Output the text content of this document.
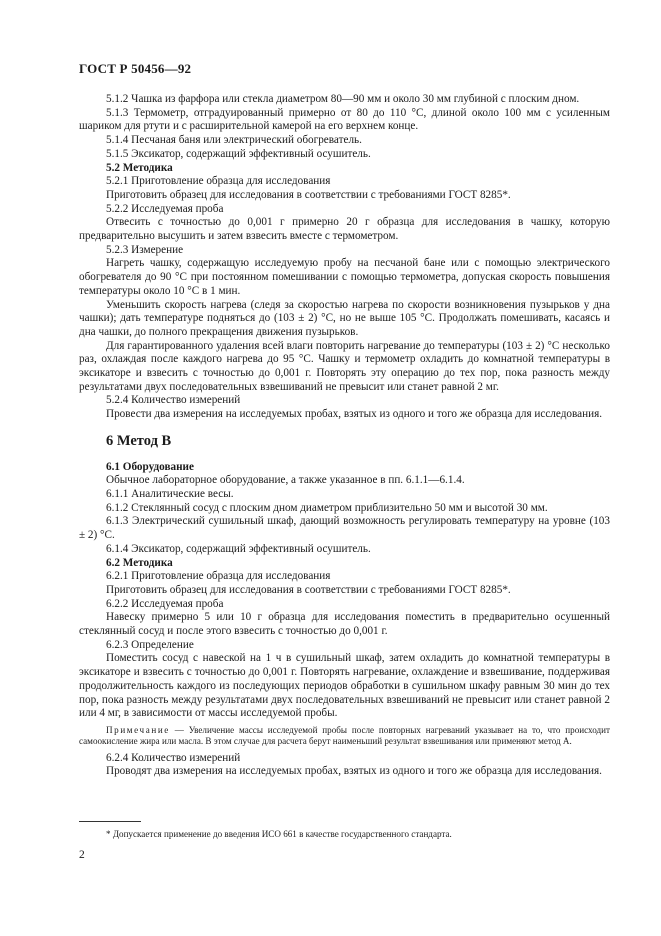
ГОСТ Р 50456—92

5.1.2 Чашка из фарфора или стекла диаметром 80—90 мм и около 30 мм глубиной с плоским дном.

5.1.3 Термометр, отградуированный примерно от 80 до 110 °С, длиной около 100 мм с усиленным шариком для ртути и с расширительной камерой на его верхнем конце.

5.1.4 Песчаная баня или электрический обогреватель.

5.1.5 Эксикатор, содержащий эффективный осушитель.

5.2 Методика

5.2.1 Приготовление образца для исследования

Приготовить образец для исследования в соответствии с требованиями ГОСТ 8285*.

5.2.2 Исследуемая проба

Отвесить с точностью до 0,001 г примерно 20 г образца для исследования в чашку, которую предварительно высушить и затем взвесить вместе с термометром.

5.2.3 Измерение

Нагреть чашку, содержащую исследуемую пробу на песчаной бане или с помощью электрического обогревателя до 90 °С при постоянном помешивании с помощью термометра, допуская скорость повышения температуры около 10 °С в 1 мин.

Уменьшить скорость нагрева (следя за скоростью нагрева по скорости возникновения пузырьков у дна чашки); дать температуре подняться до (103 ± 2) °С, но не выше 105 °С. Продолжать помешивать, касаясь и дна чашки, до полного прекращения движения пузырьков.

Для гарантированного удаления всей влаги повторить нагревание до температуры (103 ± 2) °С несколько раз, охлаждая после каждого нагрева до 95 °С. Чашку и термометр охладить до комнатной температуры в эксикаторе и взвесить с точностью до 0,001 г. Повторять эту операцию до тех пор, пока разность между результатами двух последовательных взвешиваний не превысит или станет равной 2 мг.

5.2.4 Количество измерений

Провести два измерения на исследуемых пробах, взятых из одного и того же образца для исследования.

6 Метод В

6.1 Оборудование

Обычное лабораторное оборудование, а также указанное в пп. 6.1.1—6.1.4.

6.1.1 Аналитические весы.

6.1.2 Стеклянный сосуд с плоским дном диаметром приблизительно 50 мм и высотой 30 мм.

6.1.3 Электрический сушильный шкаф, дающий возможность регулировать температуру на уровне (103 ± 2) °С.

6.1.4 Эксикатор, содержащий эффективный осушитель.

6.2 Методика

6.2.1 Приготовление образца для исследования

Приготовить образец для исследования в соответствии с требованиями ГОСТ 8285*.

6.2.2 Исследуемая проба

Навеску примерно 5 или 10 г образца для исследования поместить в предварительно осушенный стеклянный сосуд и после этого взвесить с точностью до 0,001 г.

6.2.3 Определение

Поместить сосуд с навеской на 1 ч в сушильный шкаф, затем охладить до комнатной температуры в эксикаторе и взвесить с точностью до 0,001 г. Повторять нагревание, охлаждение и взвешивание, поддерживая продолжительность каждого из последующих периодов обработки в сушильном шкафу равным 30 мин до тех пор, пока разность между результатами двух последовательных взвешиваний не превысит или станет равной 2 или 4 мг, в зависимости от массы исследуемой пробы.

Примечание — Увеличение массы исследуемой пробы после повторных нагреваний указывает на то, что происходит самоокисление жира или масла. В этом случае для расчета берут наименьший результат взвешивания или применяют метод А.

6.2.4 Количество измерений

Проводят два измерения на исследуемых пробах, взятых из одного и того же образца для исследования.

* Допускается применение до введения ИСО 661 в качестве государственного стандарта.
2
